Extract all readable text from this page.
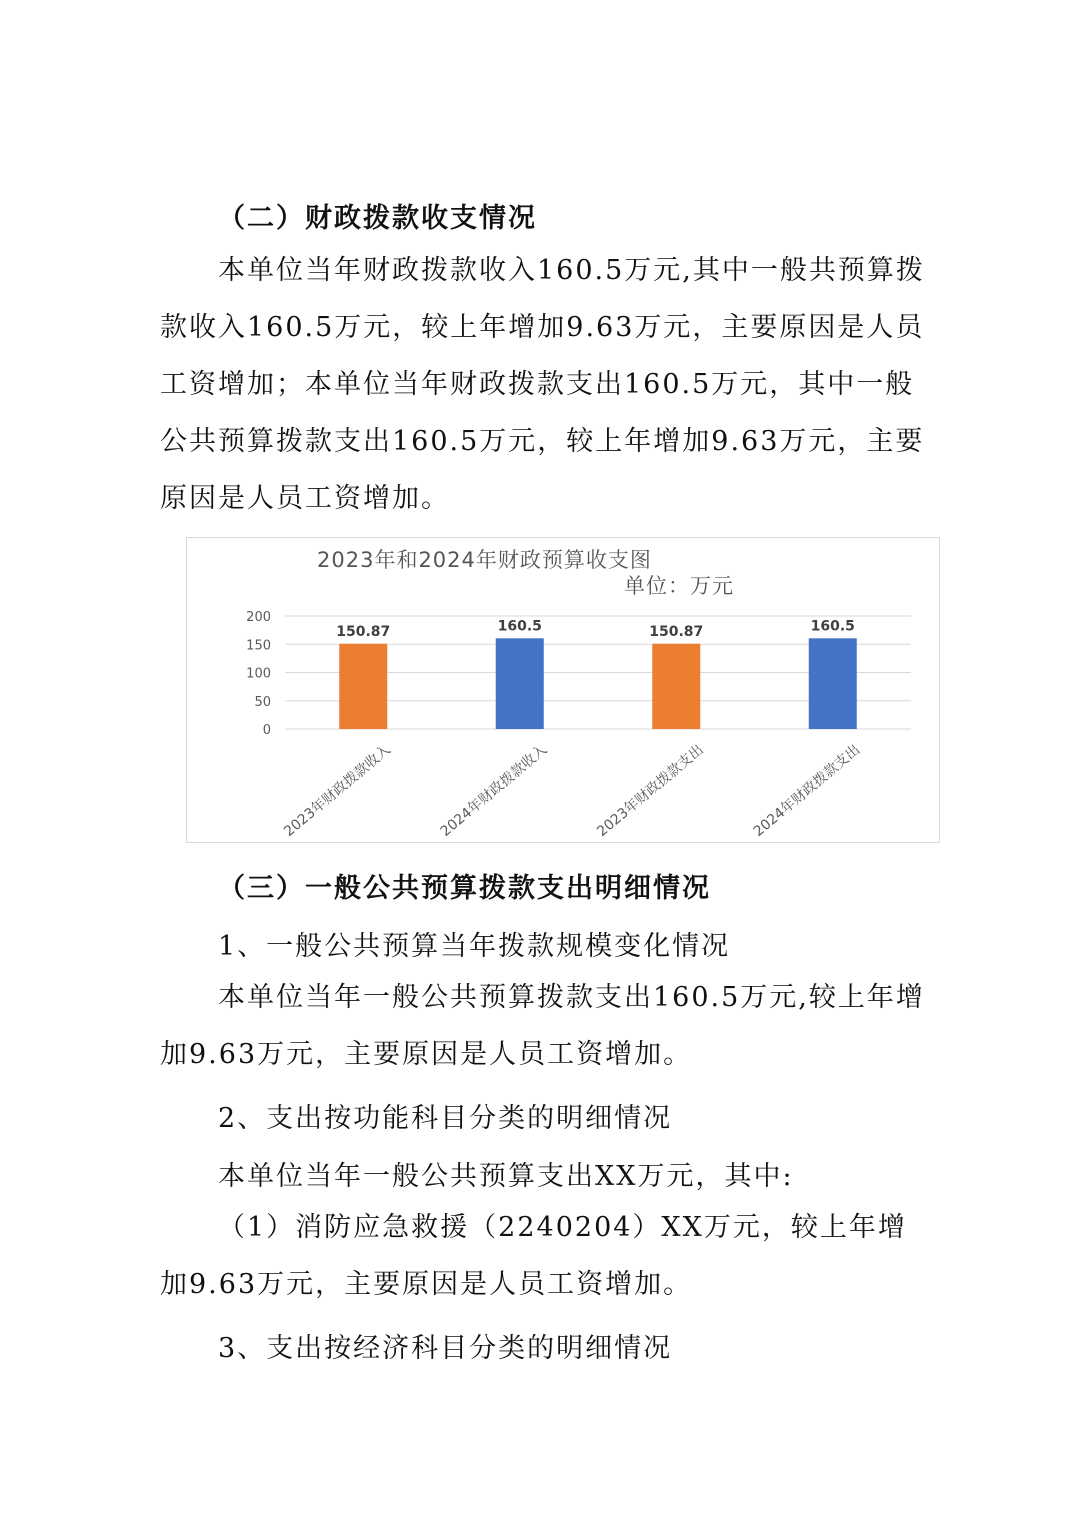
（二）财政拨款收支情况

本单位当年财政拨款收入160.5万元,其中一般共预算拨款收入160.5万元，较上年增加9.63万元，主要原因是人员工资增加；本单位当年财政拨款支出160.5万元，其中一般公共预算拨款支出160.5万元，较上年增加9.63万元，主要原因是人员工资增加。

2023年和2024年财政预算收支图
单位：万元
200
150
100
50
0
150.87
2023年财政拨款收入
160.5
2024年财政拨款收入
150.87
2023年财政拨款支出
160.5
2024年财政拨款支出
（三）一般公共预算拨款支出明细情况
1、一般公共预算当年拨款规模变化情况

本单位当年一般公共预算拨款支出160.5万元,较上年增加9.63万元，主要原因是人员工资增加。

2、支出按功能科目分类的明细情况
本单位当年一般公共预算支出XX万元，其中:

（1）消防应急救援（2240204）XX万元，较上年增加9.63万元，主要原因是人员工资增加。

3、支出按经济科目分类的明细情况
